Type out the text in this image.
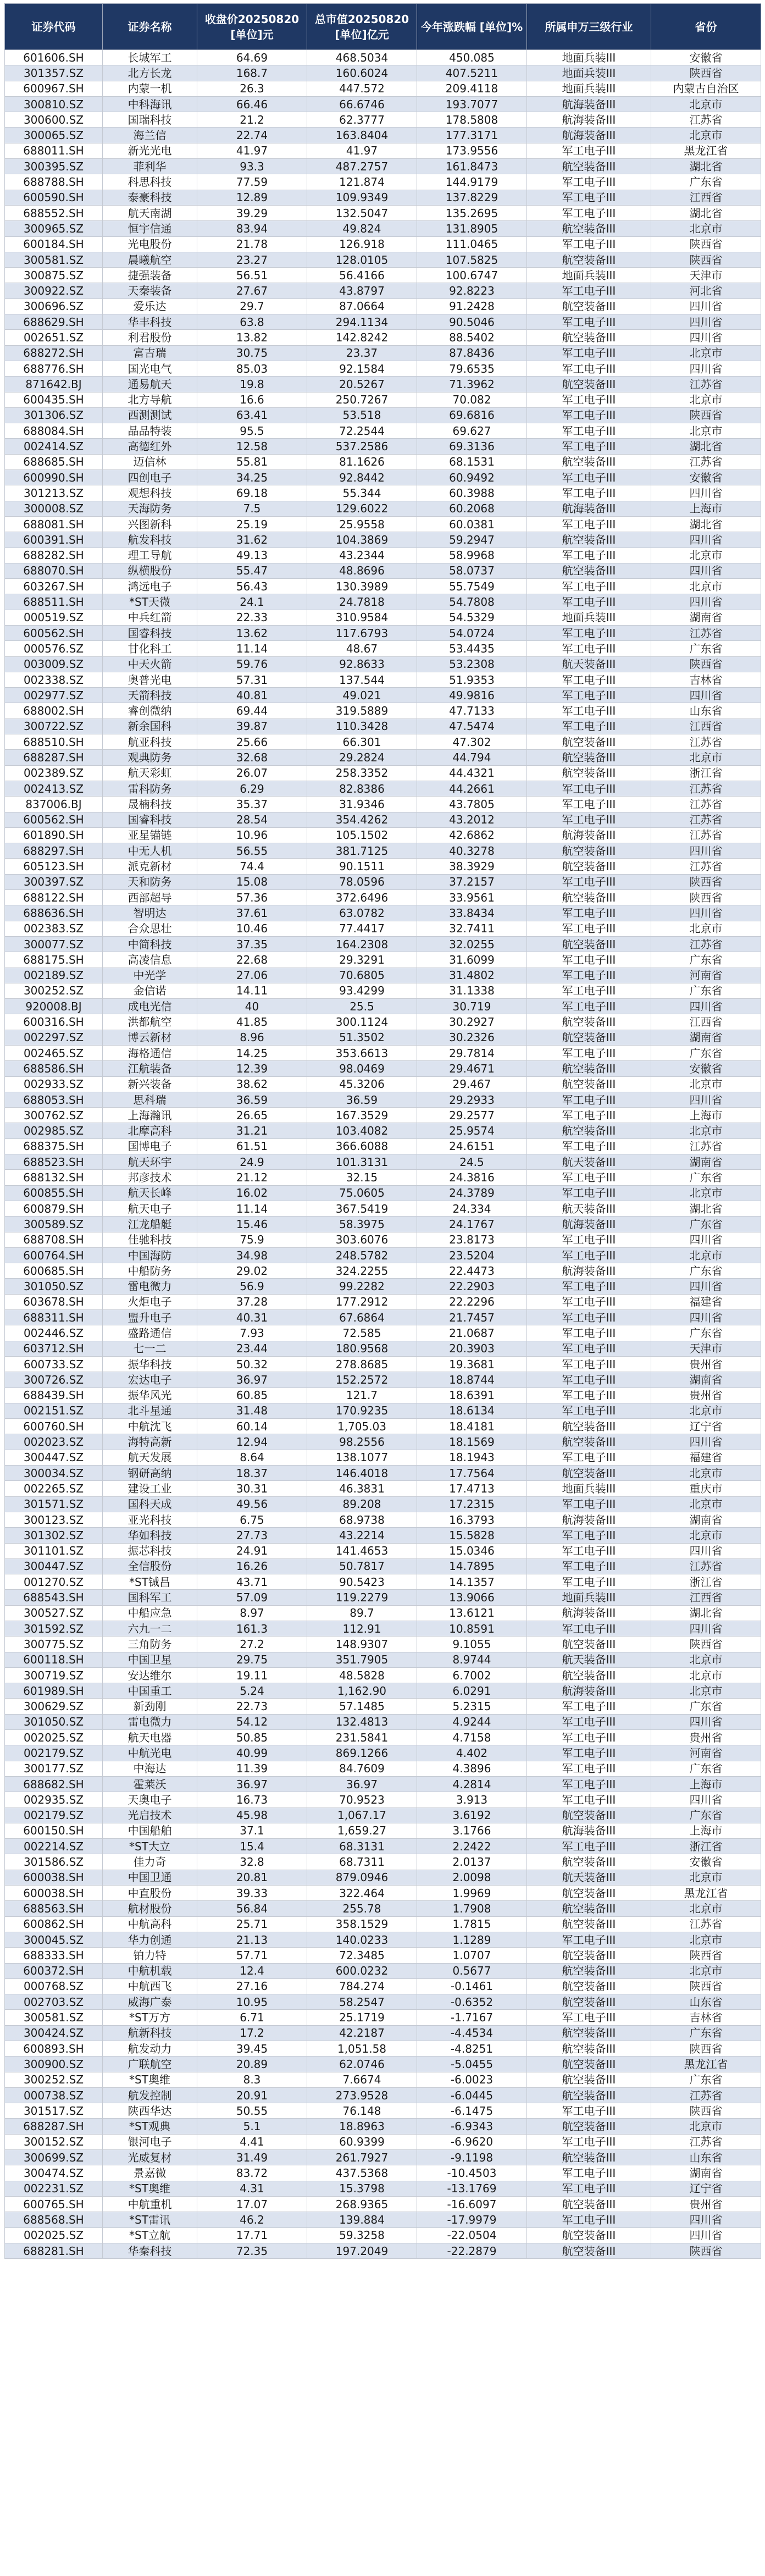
证券代码	证券名称	收盘价20250820 [单位]元	总市值20250820 [单位]亿元	今年涨跌幅 [单位]%	所属申万三级行业	省份
601606.SH	长城军工	64.69	468.5034	450.085	地面兵装III	安徽省
301357.SZ	北方长龙	168.7	160.6024	407.5211	地面兵装III	陕西省
600967.SH	内蒙一机	26.3	447.572	209.4118	地面兵装III	内蒙古自治区
300810.SZ	中科海讯	66.46	66.6746	193.7077	航海装备III	北京市
300600.SZ	国瑞科技	21.2	62.3777	178.5808	航海装备III	江苏省
300065.SZ	海兰信	22.74	163.8404	177.3171	航海装备III	北京市
688011.SH	新光光电	41.97	41.97	173.9556	军工电子III	黑龙江省
300395.SZ	菲利华	93.3	487.2757	161.8473	航空装备III	湖北省
688788.SH	科思科技	77.59	121.874	144.9179	军工电子III	广东省
600590.SH	泰豪科技	12.89	109.9349	137.8229	军工电子III	江西省
688552.SH	航天南湖	39.29	132.5047	135.2695	军工电子III	湖北省
300965.SZ	恒宇信通	83.94	49.824	131.8905	航空装备III	北京市
600184.SH	光电股份	21.78	126.918	111.0465	军工电子III	陕西省
300581.SZ	晨曦航空	23.27	128.0105	107.5825	航空装备III	陕西省
300875.SZ	捷强装备	56.51	56.4166	100.6747	地面兵装III	天津市
300922.SZ	天秦装备	27.67	43.8797	92.8223	军工电子III	河北省
300696.SZ	爱乐达	29.7	87.0664	91.2428	航空装备III	四川省
688629.SH	华丰科技	63.8	294.1134	90.5046	军工电子III	四川省
002651.SZ	利君股份	13.82	142.8242	88.5402	航空装备III	四川省
688272.SH	富吉瑞	30.75	23.37	87.8436	军工电子III	北京市
688776.SH	国光电气	85.03	92.1584	79.6535	军工电子III	四川省
871642.BJ	通易航天	19.8	20.5267	71.3962	航空装备III	江苏省
600435.SH	北方导航	16.6	250.7267	70.082	军工电子III	北京市
301306.SZ	西测测试	63.41	53.518	69.6816	军工电子III	陕西省
688084.SH	晶品特装	95.5	72.2544	69.627	军工电子III	北京市
002414.SZ	高德红外	12.58	537.2586	69.3136	军工电子III	湖北省
688685.SH	迈信林	55.81	81.1626	68.1531	航空装备III	江苏省
600990.SH	四创电子	34.25	92.8442	60.9492	军工电子III	安徽省
301213.SZ	观想科技	69.18	55.344	60.3988	军工电子III	四川省
300008.SZ	天海防务	7.5	129.6022	60.2068	航海装备III	上海市
688081.SH	兴图新科	25.19	25.9558	60.0381	军工电子III	湖北省
600391.SH	航发科技	31.62	104.3869	59.2947	航空装备III	四川省
688282.SH	理工导航	49.13	43.2344	58.9968	军工电子III	北京市
688070.SH	纵横股份	55.47	48.8696	58.0737	航空装备III	四川省
603267.SH	鸿远电子	56.43	130.3989	55.7549	军工电子III	北京市
688511.SH	*ST天微	24.1	24.7818	54.7808	军工电子III	四川省
000519.SZ	中兵红箭	22.33	310.9584	54.5329	地面兵装III	湖南省
600562.SH	国睿科技	13.62	117.6793	54.0724	军工电子III	江苏省
000576.SZ	甘化科工	11.14	48.67	53.4435	军工电子III	广东省
003009.SZ	中天火箭	59.76	92.8633	53.2308	航天装备III	陕西省
002338.SZ	奥普光电	57.31	137.544	51.9353	军工电子III	吉林省
002977.SZ	天箭科技	40.81	49.021	49.9816	军工电子III	四川省
688002.SH	睿创微纳	69.44	319.5889	47.7133	军工电子III	山东省
300722.SZ	新余国科	39.87	110.3428	47.5474	军工电子III	江西省
688510.SH	航亚科技	25.66	66.301	47.302	航空装备III	江苏省
688287.SH	观典防务	32.68	29.2824	44.794	航空装备III	北京市
002389.SZ	航天彩虹	26.07	258.3352	44.4321	航空装备III	浙江省
002413.SZ	雷科防务	6.29	82.8386	44.2661	军工电子III	江苏省
837006.BJ	晟楠科技	35.37	31.9346	43.7805	军工电子III	江苏省
600562.SH	国睿科技	28.54	354.4262	43.2012	军工电子III	江苏省
601890.SH	亚星锚链	10.96	105.1502	42.6862	航海装备III	江苏省
688297.SH	中无人机	56.55	381.7125	40.3278	航空装备III	四川省
605123.SH	派克新材	74.4	90.1511	38.3929	航空装备III	江苏省
300397.SZ	天和防务	15.08	78.0596	37.2157	军工电子III	陕西省
688122.SH	西部超导	57.36	372.6496	33.9561	航空装备III	陕西省
688636.SH	智明达	37.61	63.0782	33.8434	军工电子III	四川省
002383.SZ	合众思壮	10.46	77.4417	32.7411	军工电子III	北京市
300077.SZ	中简科技	37.35	164.2308	32.0255	航空装备III	江苏省
688175.SH	高凌信息	22.68	29.3291	31.6099	军工电子III	广东省
002189.SZ	中光学	27.06	70.6805	31.4802	军工电子III	河南省
300252.SZ	金信诺	14.11	93.4299	31.1338	军工电子III	广东省
920008.BJ	成电光信	40	25.5	30.719	军工电子III	四川省
600316.SH	洪都航空	41.85	300.1124	30.2927	航空装备III	江西省
002297.SZ	博云新材	8.96	51.3502	30.2326	航空装备III	湖南省
002465.SZ	海格通信	14.25	353.6613	29.7814	军工电子III	广东省
688586.SH	江航装备	12.39	98.0469	29.4671	航空装备III	安徽省
002933.SZ	新兴装备	38.62	45.3206	29.467	航空装备III	北京市
688053.SH	思科瑞	36.59	36.59	29.2933	军工电子III	四川省
300762.SZ	上海瀚讯	26.65	167.3529	29.2577	军工电子III	上海市
002985.SZ	北摩高科	31.21	103.4082	25.9574	航空装备III	北京市
688375.SH	国博电子	61.51	366.6088	24.6151	军工电子III	江苏省
688523.SH	航天环宇	24.9	101.3131	24.5	航天装备III	湖南省
688132.SH	邦彦技术	21.12	32.15	24.3816	军工电子III	广东省
600855.SH	航天长峰	16.02	75.0605	24.3789	军工电子III	北京市
600879.SH	航天电子	11.14	367.5419	24.334	航天装备III	湖北省
300589.SZ	江龙船艇	15.46	58.3975	24.1767	航海装备III	广东省
688708.SH	佳驰科技	75.9	303.6076	23.8173	军工电子III	四川省
600764.SH	中国海防	34.98	248.5782	23.5204	军工电子III	北京市
600685.SH	中船防务	29.02	324.2255	22.4473	航海装备III	广东省
301050.SZ	雷电微力	56.9	99.2282	22.2903	军工电子III	四川省
603678.SH	火炬电子	37.28	177.2912	22.2296	军工电子III	福建省
688311.SH	盟升电子	40.31	67.6864	21.7457	军工电子III	四川省
002446.SZ	盛路通信	7.93	72.585	21.0687	军工电子III	广东省
603712.SH	七一二	23.44	180.9568	20.3903	军工电子III	天津市
600733.SZ	振华科技	50.32	278.8685	19.3681	军工电子III	贵州省
300726.SZ	宏达电子	36.97	152.2572	18.8744	军工电子III	湖南省
688439.SH	振华风光	60.85	121.7	18.6391	军工电子III	贵州省
002151.SZ	北斗星通	31.48	170.9235	18.6134	军工电子III	北京市
600760.SH	中航沈飞	60.14	1,705.03	18.4181	航空装备III	辽宁省
002023.SZ	海特高新	12.94	98.2556	18.1569	航空装备III	四川省
300447.SZ	航天发展	8.64	138.1077	18.1943	军工电子III	福建省
300034.SZ	钢研高纳	18.37	146.4018	17.7564	航空装备III	北京市
002265.SZ	建设工业	30.31	46.3831	17.4713	地面兵装III	重庆市
301571.SZ	国科天成	49.56	89.208	17.2315	军工电子III	北京市
300123.SZ	亚光科技	6.75	68.9738	16.3793	航海装备III	湖南省
301302.SZ	华如科技	27.73	43.2214	15.5828	军工电子III	北京市
301101.SZ	振芯科技	24.91	141.4653	15.0346	军工电子III	四川省
300447.SZ	全信股份	16.26	50.7817	14.7895	军工电子III	江苏省
001270.SZ	*ST铖昌	43.71	90.5423	14.1357	军工电子III	浙江省
688543.SH	国科军工	57.09	119.2279	13.9066	地面兵装III	江西省
300527.SZ	中船应急	8.97	89.7	13.6121	航海装备III	湖北省
301592.SZ	六九一二	161.3	112.91	10.8591	军工电子III	四川省
300775.SZ	三角防务	27.2	148.9307	9.1055	航空装备III	陕西省
600118.SH	中国卫星	29.75	351.7905	8.9744	航天装备III	北京市
300719.SZ	安达维尔	19.11	48.5828	6.7002	航空装备III	北京市
601989.SH	中国重工	5.24	1,162.90	6.0291	航海装备III	北京市
300629.SZ	新劲刚	22.73	57.1485	5.2315	军工电子III	广东省
301050.SZ	雷电微力	54.12	132.4813	4.9244	军工电子III	四川省
002025.SZ	航天电器	50.85	231.5841	4.7158	军工电子III	贵州省
002179.SZ	中航光电	40.99	869.1266	4.402	军工电子III	河南省
300177.SZ	中海达	11.39	84.7609	4.3896	军工电子III	广东省
688682.SH	霍莱沃	36.97	36.97	4.2814	军工电子III	上海市
002935.SZ	天奥电子	16.73	70.9523	3.913	军工电子III	四川省
002179.SZ	光启技术	45.98	1,067.17	3.6192	航空装备III	广东省
600150.SH	中国船舶	37.1	1,659.27	3.1766	航海装备III	上海市
002214.SZ	*ST大立	15.4	68.3131	2.2422	军工电子III	浙江省
301586.SZ	佳力奇	32.8	68.7311	2.0137	航空装备III	安徽省
600038.SH	中国卫通	20.81	879.0946	2.0098	航天装备III	北京市
600038.SH	中直股份	39.33	322.464	1.9969	航空装备III	黑龙江省
688563.SH	航材股份	56.84	255.78	1.7908	航空装备III	北京市
600862.SH	中航高科	25.71	358.1529	1.7815	航空装备III	江苏省
300045.SZ	华力创通	21.13	140.0233	1.1289	军工电子III	北京市
688333.SH	铂力特	57.71	72.3485	1.0707	航空装备III	陕西省
600372.SH	中航机载	12.4	600.0232	0.5677	航空装备III	北京市
000768.SZ	中航西飞	27.16	784.274	-0.1461	航空装备III	陕西省
002703.SZ	威海广泰	10.95	58.2547	-0.6352	航空装备III	山东省
300581.SZ	*ST万方	6.71	25.1719	-1.7167	军工电子III	吉林省
300424.SZ	航新科技	17.2	42.2187	-4.4534	航空装备III	广东省
600893.SH	航发动力	39.45	1,051.58	-4.8251	航空装备III	陕西省
300900.SZ	广联航空	20.89	62.0746	-5.0455	航空装备III	黑龙江省
300252.SZ	*ST奥维	8.3	7.6674	-6.0023	航空装备III	广东省
000738.SZ	航发控制	20.91	273.9528	-6.0445	航空装备III	江苏省
301517.SZ	陕西华达	50.55	76.148	-6.1475	军工电子III	陕西省
688287.SH	*ST观典	5.1	18.8963	-6.9343	航空装备III	北京市
300152.SZ	银河电子	4.41	60.9399	-6.9620	军工电子III	江苏省
300699.SZ	光威复材	31.49	261.7927	-9.1198	航空装备III	山东省
300474.SZ	景嘉微	83.72	437.5368	-10.4503	军工电子III	湖南省
002231.SZ	*ST奥维	4.31	15.3798	-13.1769	军工电子III	辽宁省
600765.SH	中航重机	17.07	268.9365	-16.6097	航空装备III	贵州省
688568.SH	*ST雷讯	46.2	139.884	-17.9979	军工电子III	四川省
002025.SZ	*ST立航	17.71	59.3258	-22.0504	航空装备III	四川省
688281.SH	华秦科技	72.35	197.2049	-22.2879	航空装备III	陕西省
